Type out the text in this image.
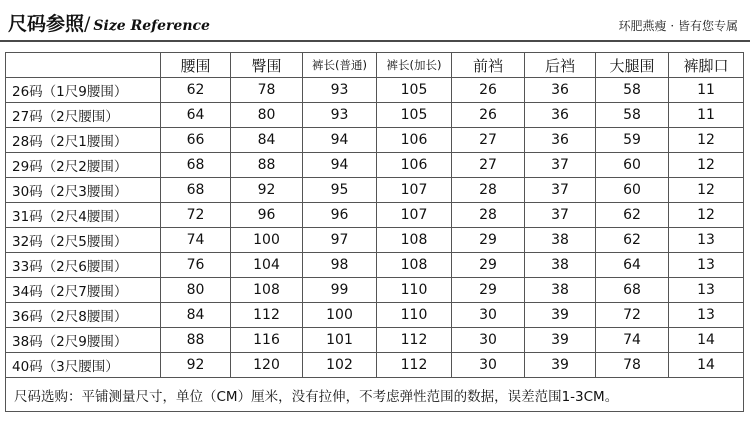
尺码参照/ Size Reference	环肥燕瘦 · 皆有您专属
	腰围	臀围	裤长(普通)	裤长(加长)	前裆	后裆	大腿围	裤脚口
26码（1尺9腰围）	62	78	93	105	26	36	58	11
27码（2尺腰围）	64	80	93	105	26	36	58	11
28码（2尺1腰围）	66	84	94	106	27	36	59	12
29码（2尺2腰围）	68	88	94	106	27	37	60	12
30码（2尺3腰围）	68	92	95	107	28	37	60	12
31码（2尺4腰围）	72	96	96	107	28	37	62	12
32码（2尺5腰围）	74	100	97	108	29	38	62	13
33码（2尺6腰围）	76	104	98	108	29	38	64	13
34码（2尺7腰围）	80	108	99	110	29	38	68	13
36码（2尺8腰围）	84	112	100	110	30	39	72	13
38码（2尺9腰围）	88	116	101	112	30	39	74	14
40码（3尺腰围）	92	120	102	112	30	39	78	14
尺码选购：平铺测量尺寸，单位（CM）厘米，没有拉伸，不考虑弹性范围的数据，误差范围1-3CM。								
